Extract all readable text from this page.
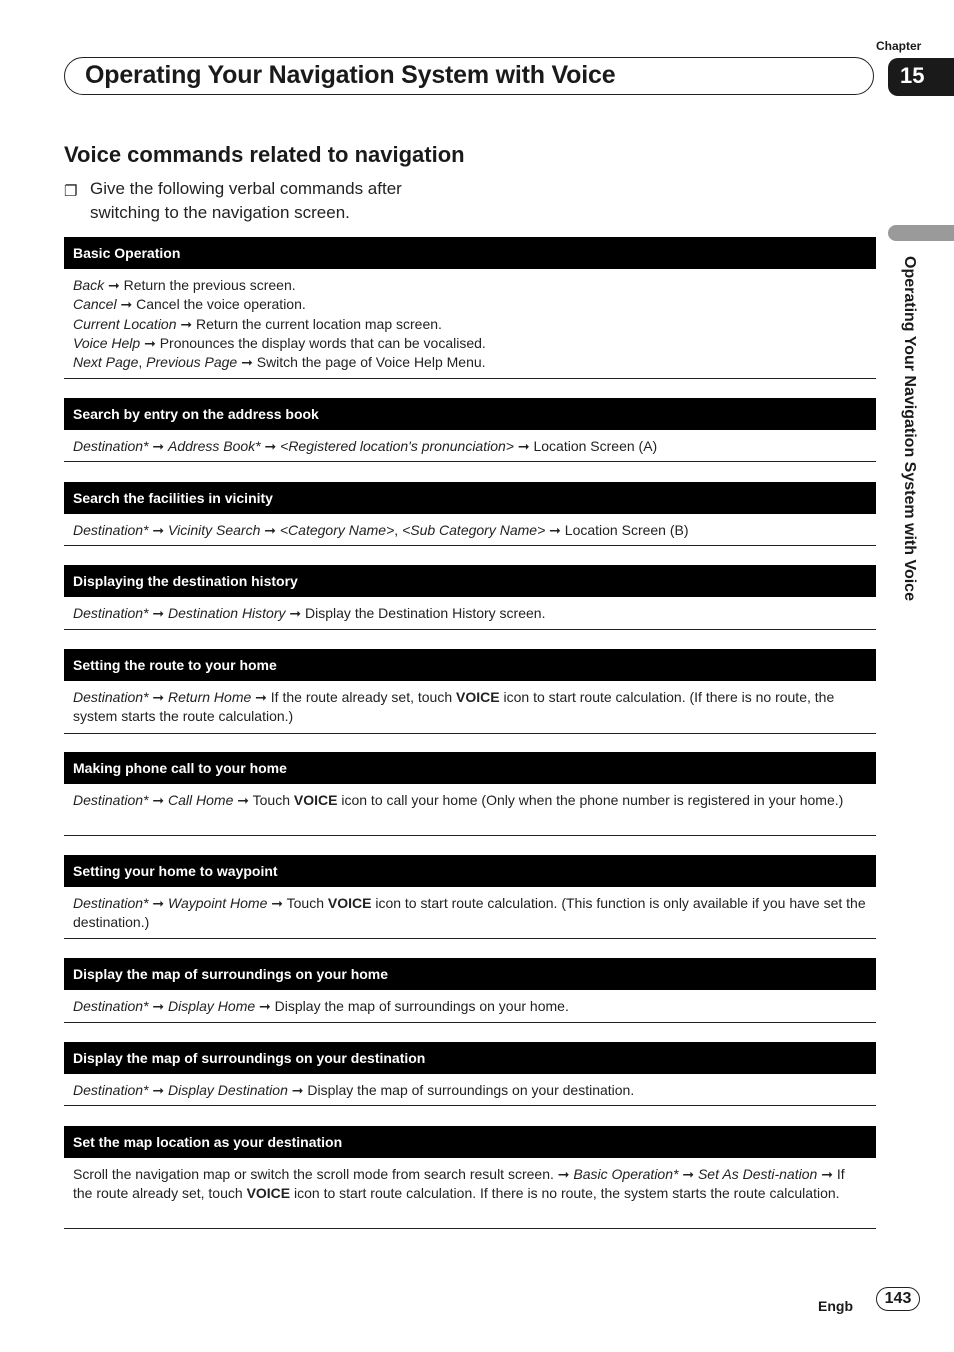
Chapter
Operating Your Navigation System with Voice	15
Operating Your Navigation System with Voice
Voice commands related to navigation
❐ Give the following verbal commands after switching to the navigation screen.
Basic Operation
Back ➞ Return the previous screen.
Cancel ➞ Cancel the voice operation.
Current Location ➞ Return the current location map screen.
Voice Help ➞ Pronounces the display words that can be vocalised.
Next Page, Previous Page ➞ Switch the page of Voice Help Menu.
Search by entry on the address book
Destination* ➞ Address Book* ➞ <Registered location's pronunciation> ➞ Location Screen (A)
Search the facilities in vicinity
Destination* ➞ Vicinity Search ➞ <Category Name>, <Sub Category Name> ➞ Location Screen (B)
Displaying the destination history
Destination* ➞ Destination History ➞ Display the Destination History screen.
Setting the route to your home
Destination* ➞ Return Home ➞ If the route already set, touch VOICE icon to start route calculation. (If there is no route, the system starts the route calculation.)
Making phone call to your home
Destination* ➞ Call Home ➞ Touch VOICE icon to call your home (Only when the phone number is registered in your home.)
Setting your home to waypoint
Destination* ➞ Waypoint Home ➞ Touch VOICE icon to start route calculation. (This function is only available if you have set the destination.)
Display the map of surroundings on your home
Destination* ➞ Display Home ➞ Display the map of surroundings on your home.
Display the map of surroundings on your destination
Destination* ➞ Display Destination ➞ Display the map of surroundings on your destination.
Set the map location as your destination
Scroll the navigation map or switch the scroll mode from search result screen. ➞ Basic Operation* ➞ Set As Desti-nation ➞ If the route already set, touch VOICE icon to start route calculation. If there is no route, the system starts the route calculation.
Engb	143
